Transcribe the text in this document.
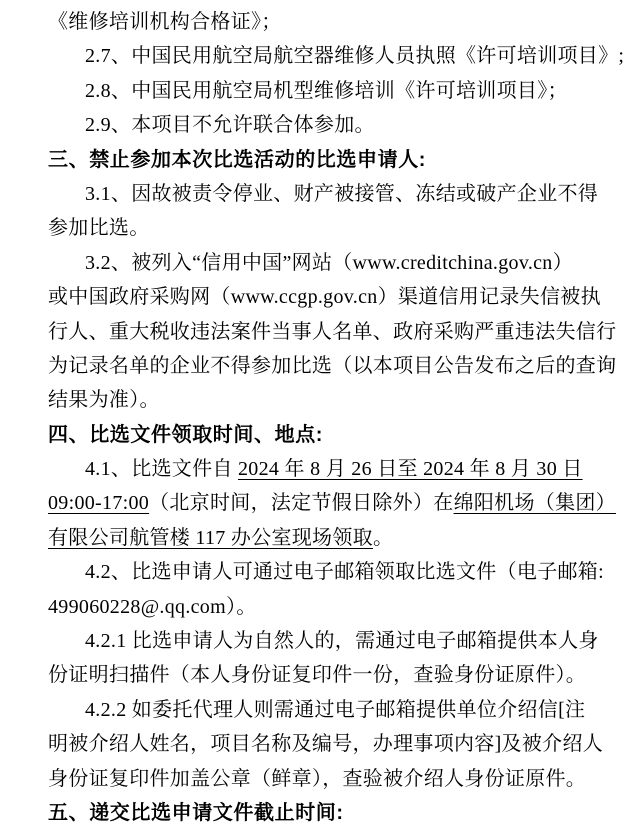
《维修培训机构合格证》；
2.7、中国民用航空局航空器维修人员执照《许可培训项目》;
2.8、中国民用航空局机型维修培训《许可培训项目》；
2.9、本项目不允许联合体参加。
三、禁止参加本次比选活动的比选申请人:
3.1、因故被责令停业、财产被接管、冻结或破产企业不得
参加比选。
3.2、被列入“信用中国”网站（www.creditchina.gov.cn）
或中国政府采购网（www.ccgp.gov.cn）渠道信用记录失信被执
行人、重大税收违法案件当事人名单、政府采购严重违法失信行
为记录名单的企业不得参加比选（以本项目公告发布之后的查询
结果为准）。
四、比选文件领取时间、地点:
4.1、比选文件自 2024 年 8 月 26 日至 2024 年 8 月 30 日
09:00-17:00（北京时间，法定节假日除外）在绵阳机场（集团）
有限公司航管楼 117 办公室现场领取。
4.2、比选申请人可通过电子邮箱领取比选文件（电子邮箱:
499060228@.qq.com）。
4.2.1 比选申请人为自然人的，需通过电子邮箱提供本人身
份证明扫描件（本人身份证复印件一份，查验身份证原件）。
4.2.2 如委托代理人则需通过电子邮箱提供单位介绍信[注
明被介绍人姓名，项目名称及编号，办理事项内容]及被介绍人
身份证复印件加盖公章（鲜章），查验被介绍人身份证原件。
五、递交比选申请文件截止时间:
